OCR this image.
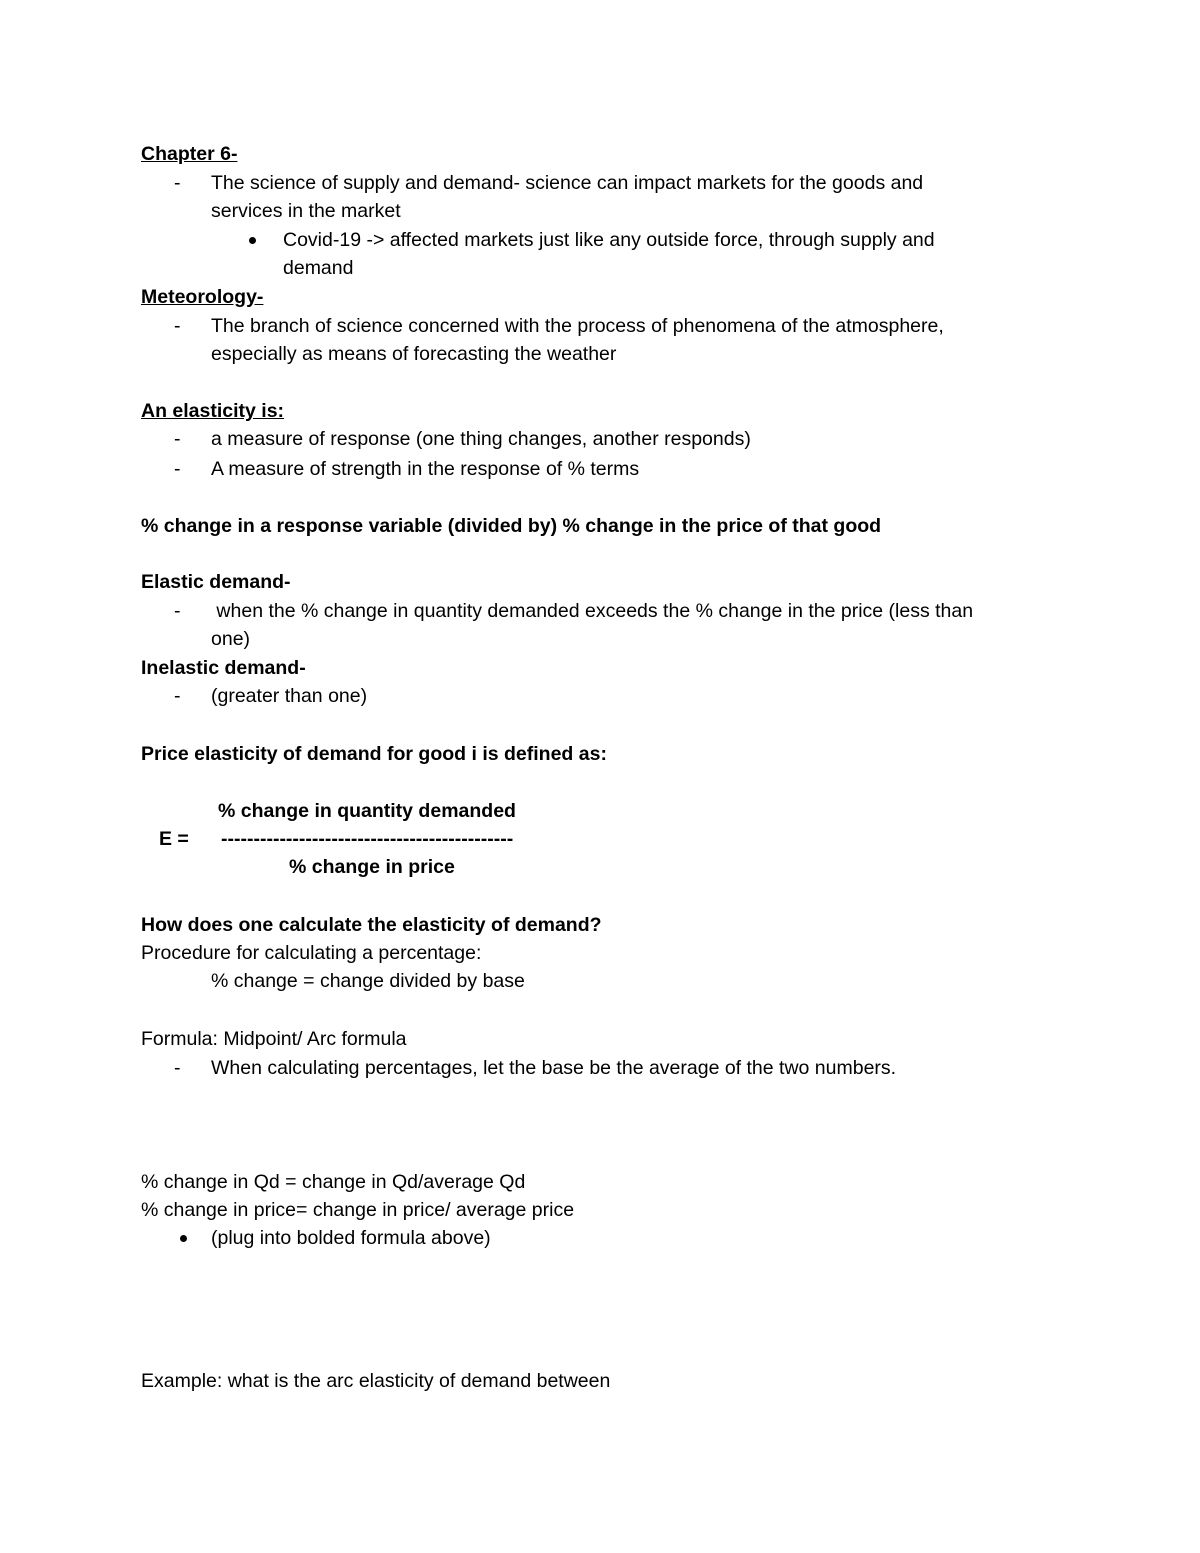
Chapter 6-
- The science of supply and demand- science can impact markets for the goods and
services in the market
Covid-19 -> affected markets just like any outside force, through supply and
demand
Meteorology-
- The branch of science concerned with the process of phenomena of the atmosphere,
especially as means of forecasting the weather
An elasticity is:
- a measure of response (one thing changes, another responds)
- A measure of strength in the response of % terms
% change in a response variable (divided by) % change in the price of that good
Elastic demand-
- when the % change in quantity demanded exceeds the % change in the price (less than
one)
Inelastic demand-
- (greater than one)
Price elasticity of demand for good i is defined as:
% change in quantity demanded
E = ---------------------------------------------
% change in price
How does one calculate the elasticity of demand?
Procedure for calculating a percentage:
% change = change divided by base
Formula: Midpoint/ Arc formula
- When calculating percentages, let the base be the average of the two numbers.
% change in Qd = change in Qd/average Qd
% change in price= change in price/ average price
(plug into bolded formula above)
Example: what is the arc elasticity of demand between
